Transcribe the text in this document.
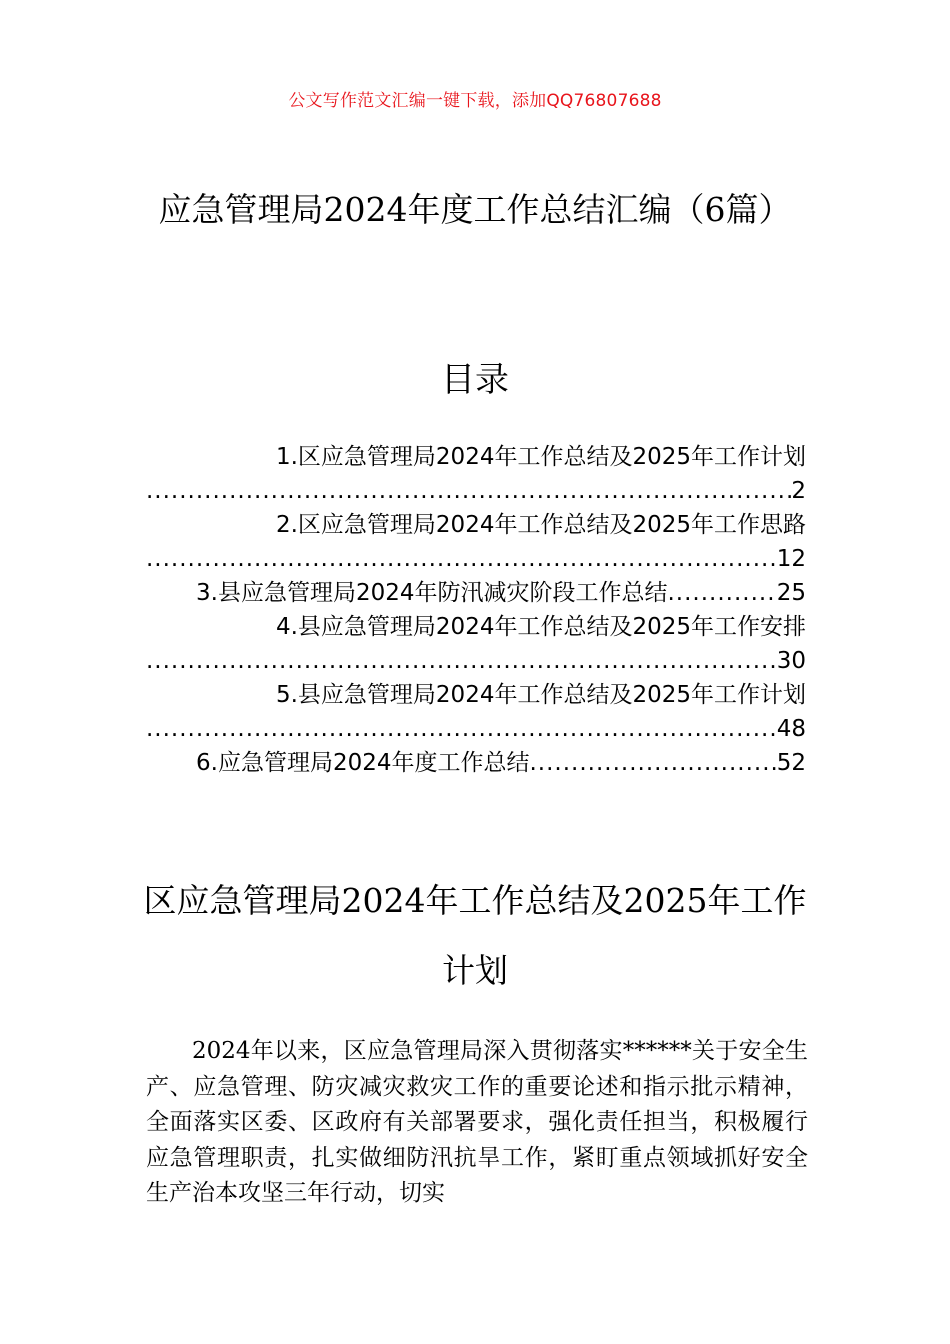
公文写作范文汇编一键下载，添加QQ76807688
应急管理局2024年度工作总结汇编（6篇）
目录
1.区应急管理局2024年工作总结及2025年工作计划
.....
2
2.区应急管理局2024年工作总结及2025年工作思路
.....
12
3.县应急管理局2024年防汛减灾阶段工作总结 .....	25
4.县应急管理局2024年工作总结及2025年工作安排
.....
30
5.县应急管理局2024年工作总结及2025年工作计划
.....
48
6.应急管理局2024年度工作总结 .....	52
区应急管理局2024年工作总结及2025年工作计划
2024年以来，区应急管理局深入贯彻落实******关于安全生产、应急管理、防灾减灾救灾工作的重要论述和指示批示精神，全面落实区委、区政府有关部署要求，强化责任担当，积极履行应急管理职责，扎实做细防汛抗旱工作，紧盯重点领域抓好安全生产治本攻坚三年行动，切实
